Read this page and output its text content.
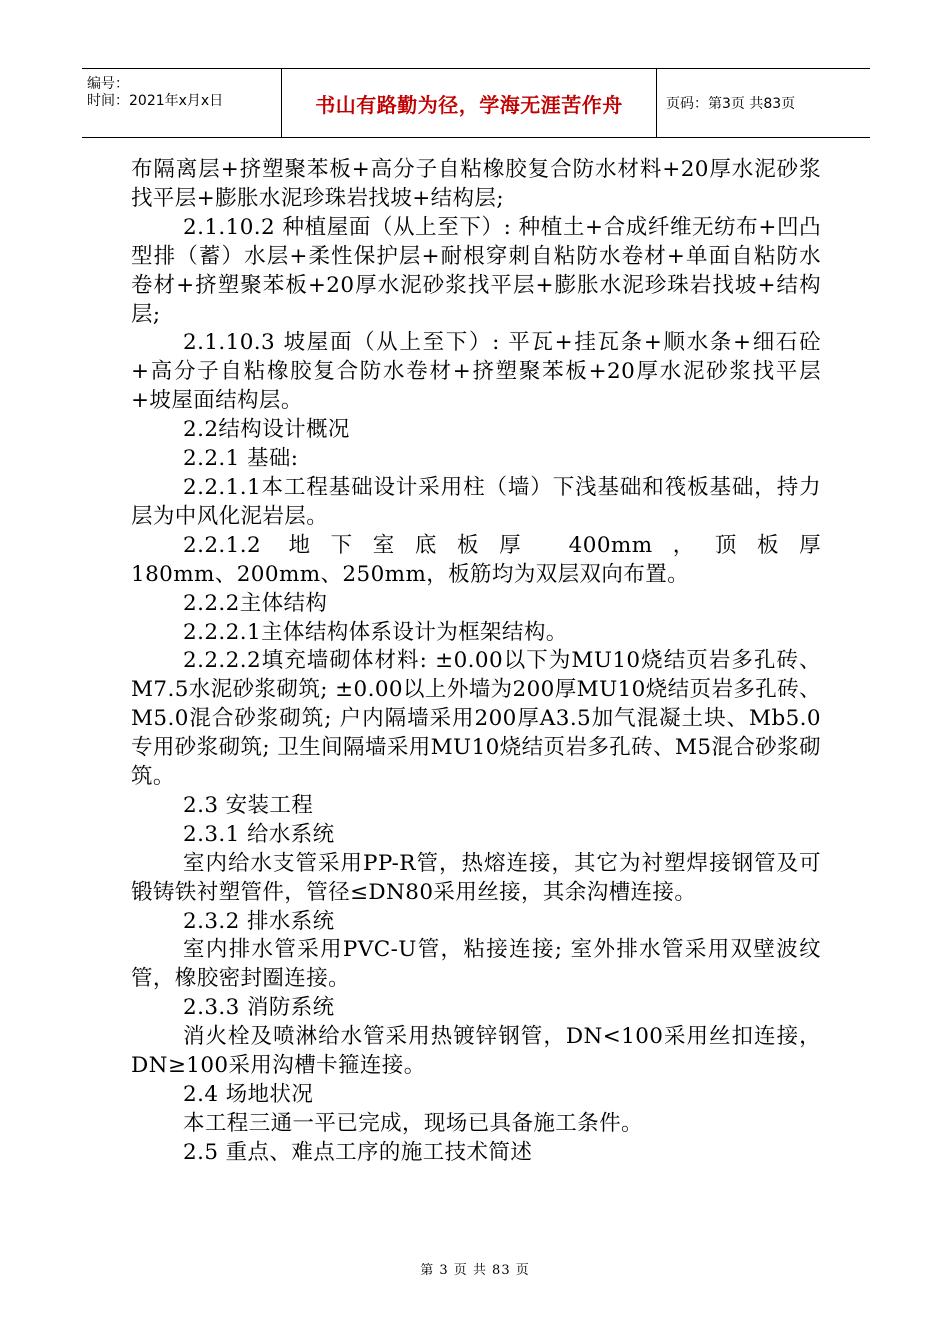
编号：
时间：2021年x月x日	书山有路勤为径，学海无涯苦作舟	页码：第3页 共83页

布隔离层+挤塑聚苯板+高分子自粘橡胶复合防水材料+20厚水泥砂浆找平层+膨胀水泥珍珠岩找坡+结构层;

2.1.10.2 种植屋面（从上至下）: 种植土+合成纤维无纺布+凹凸型排（蓄）水层+柔性保护层+耐根穿刺自粘防水卷材+单面自粘防水卷材+挤塑聚苯板+20厚水泥砂浆找平层+膨胀水泥珍珠岩找坡+结构层;

2.1.10.3 坡屋面（从上至下）: 平瓦+挂瓦条+顺水条+细石砼+高分子自粘橡胶复合防水卷材+挤塑聚苯板+20厚水泥砂浆找平层+坡屋面结构层。

2.2结构设计概况

2.2.1 基础:

2.2.1.1本工程基础设计采用柱（墙）下浅基础和筏板基础，持力层为中风化泥岩层。

2.2.1.2 地下室底板厚 400mm，顶板厚

180mm、200mm、250mm，板筋均为双层双向布置。

2.2.2主体结构

2.2.2.1主体结构体系设计为框架结构。

2.2.2.2填充墙砌体材料: ±0.00以下为MU10烧结页岩多孔砖、M7.5水泥砂浆砌筑; ±0.00以上外墙为200厚MU10烧结页岩多孔砖、M5.0混合砂浆砌筑; 户内隔墙采用200厚A3.5加气混凝土块、Mb5.0专用砂浆砌筑; 卫生间隔墙采用MU10烧结页岩多孔砖、M5混合砂浆砌筑。

2.3 安装工程

2.3.1 给水系统

室内给水支管采用PP-R管，热熔连接，其它为衬塑焊接钢管及可锻铸铁衬塑管件，管径≤DN80采用丝接，其余沟槽连接。

2.3.2 排水系统

室内排水管采用PVC-U管，粘接连接; 室外排水管采用双壁波纹管，橡胶密封圈连接。

2.3.3 消防系统

消火栓及喷淋给水管采用热镀锌钢管，DN<100采用丝扣连接，DN≥100采用沟槽卡箍连接。

2.4 场地状况

本工程三通一平已完成，现场已具备施工条件。

2.5 重点、难点工序的施工技术简述

第 3 页 共 83 页
